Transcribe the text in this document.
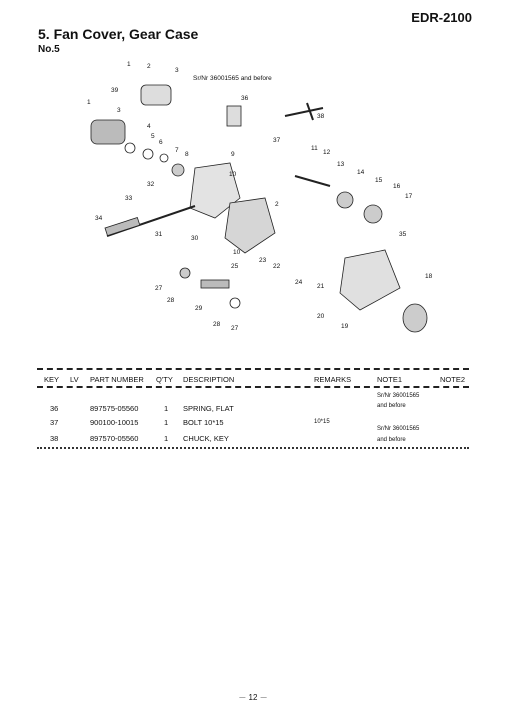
EDR-2100
5. Fan Cover, Gear Case
No.5
1	2
3
39
1
3
4
5
6
7
8
36
38
37
9
10
32
33
34
31
30
2
11
12
13
14
15
16
17
10
25
23
22
35
24
21
18
27
28
29
28
27
20
19
Sr/Nr 36001565 and before
KEY LV PART NUMBER Q'TY DESCRIPTION	REMARKS	NOTE1	NOTE2
36	897575-05560	1 SPRING, FLAT
Sr/Nr 36001565
and before
37	900100-10015	1 BOLT 10*15	10*15
38	897570-05560	1 CHUCK, KEY
Sr/Nr 36001565
and before
－ 12 －
